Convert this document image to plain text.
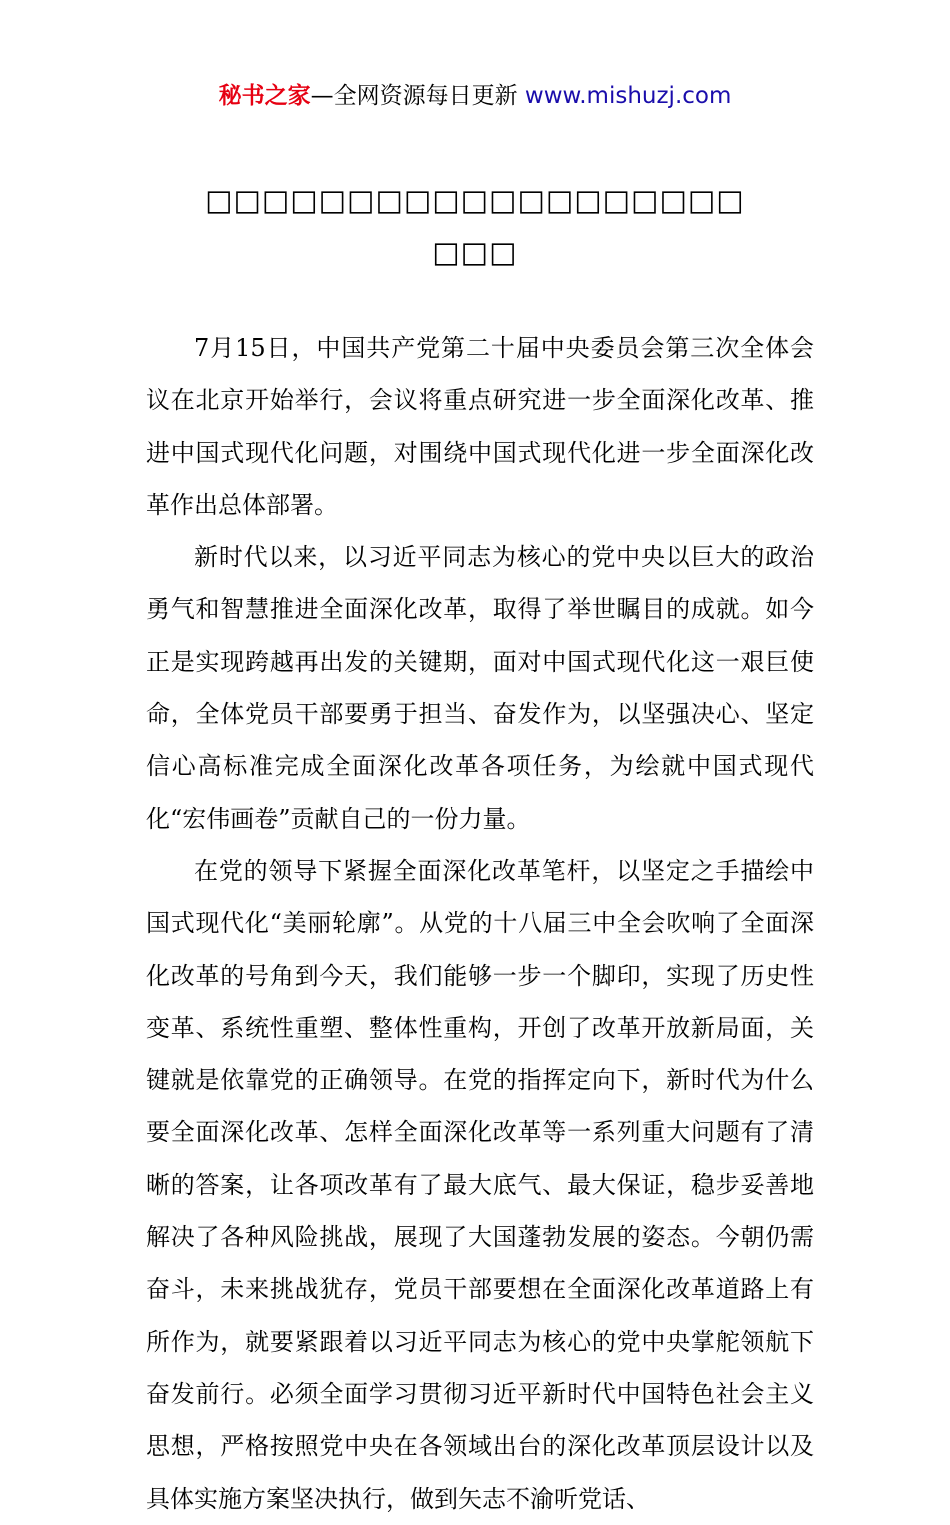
秘书之家—全网资源每日更新 www.mishuzj.com
□□□□□□□□□□□□□□□□□□□
□□□

7月15日，中国共产党第二十届中央委员会第三次全体会议在北京开始举行，会议将重点研究进一步全面深化改革、推进中国式现代化问题，对围绕中国式现代化进一步全面深化改革作出总体部署。

新时代以来，以习近平同志为核心的党中央以巨大的政治勇气和智慧推进全面深化改革，取得了举世瞩目的成就。如今正是实现跨越再出发的关键期，面对中国式现代化这一艰巨使命，全体党员干部要勇于担当、奋发作为，以坚强决心、坚定信心高标准完成全面深化改革各项任务，为绘就中国式现代化“宏伟画卷”贡献自己的一份力量。

在党的领导下紧握全面深化改革笔杆，以坚定之手描绘中国式现代化“美丽轮廓”。从党的十八届三中全会吹响了全面深化改革的号角到今天，我们能够一步一个脚印，实现了历史性变革、系统性重塑、整体性重构，开创了改革开放新局面，关键就是依靠党的正确领导。在党的指挥定向下，新时代为什么要全面深化改革、怎样全面深化改革等一系列重大问题有了清晰的答案，让各项改革有了最大底气、最大保证，稳步妥善地解决了各种风险挑战，展现了大国蓬勃发展的姿态。今朝仍需奋斗，未来挑战犹存，党员干部要想在全面深化改革道路上有所作为，就要紧跟着以习近平同志为核心的党中央掌舵领航下奋发前行。必须全面学习贯彻习近平新时代中国特色社会主义思想，严格按照党中央在各领域出台的深化改革顶层设计以及具体实施方案坚决执行，做到矢志不渝听党话、
